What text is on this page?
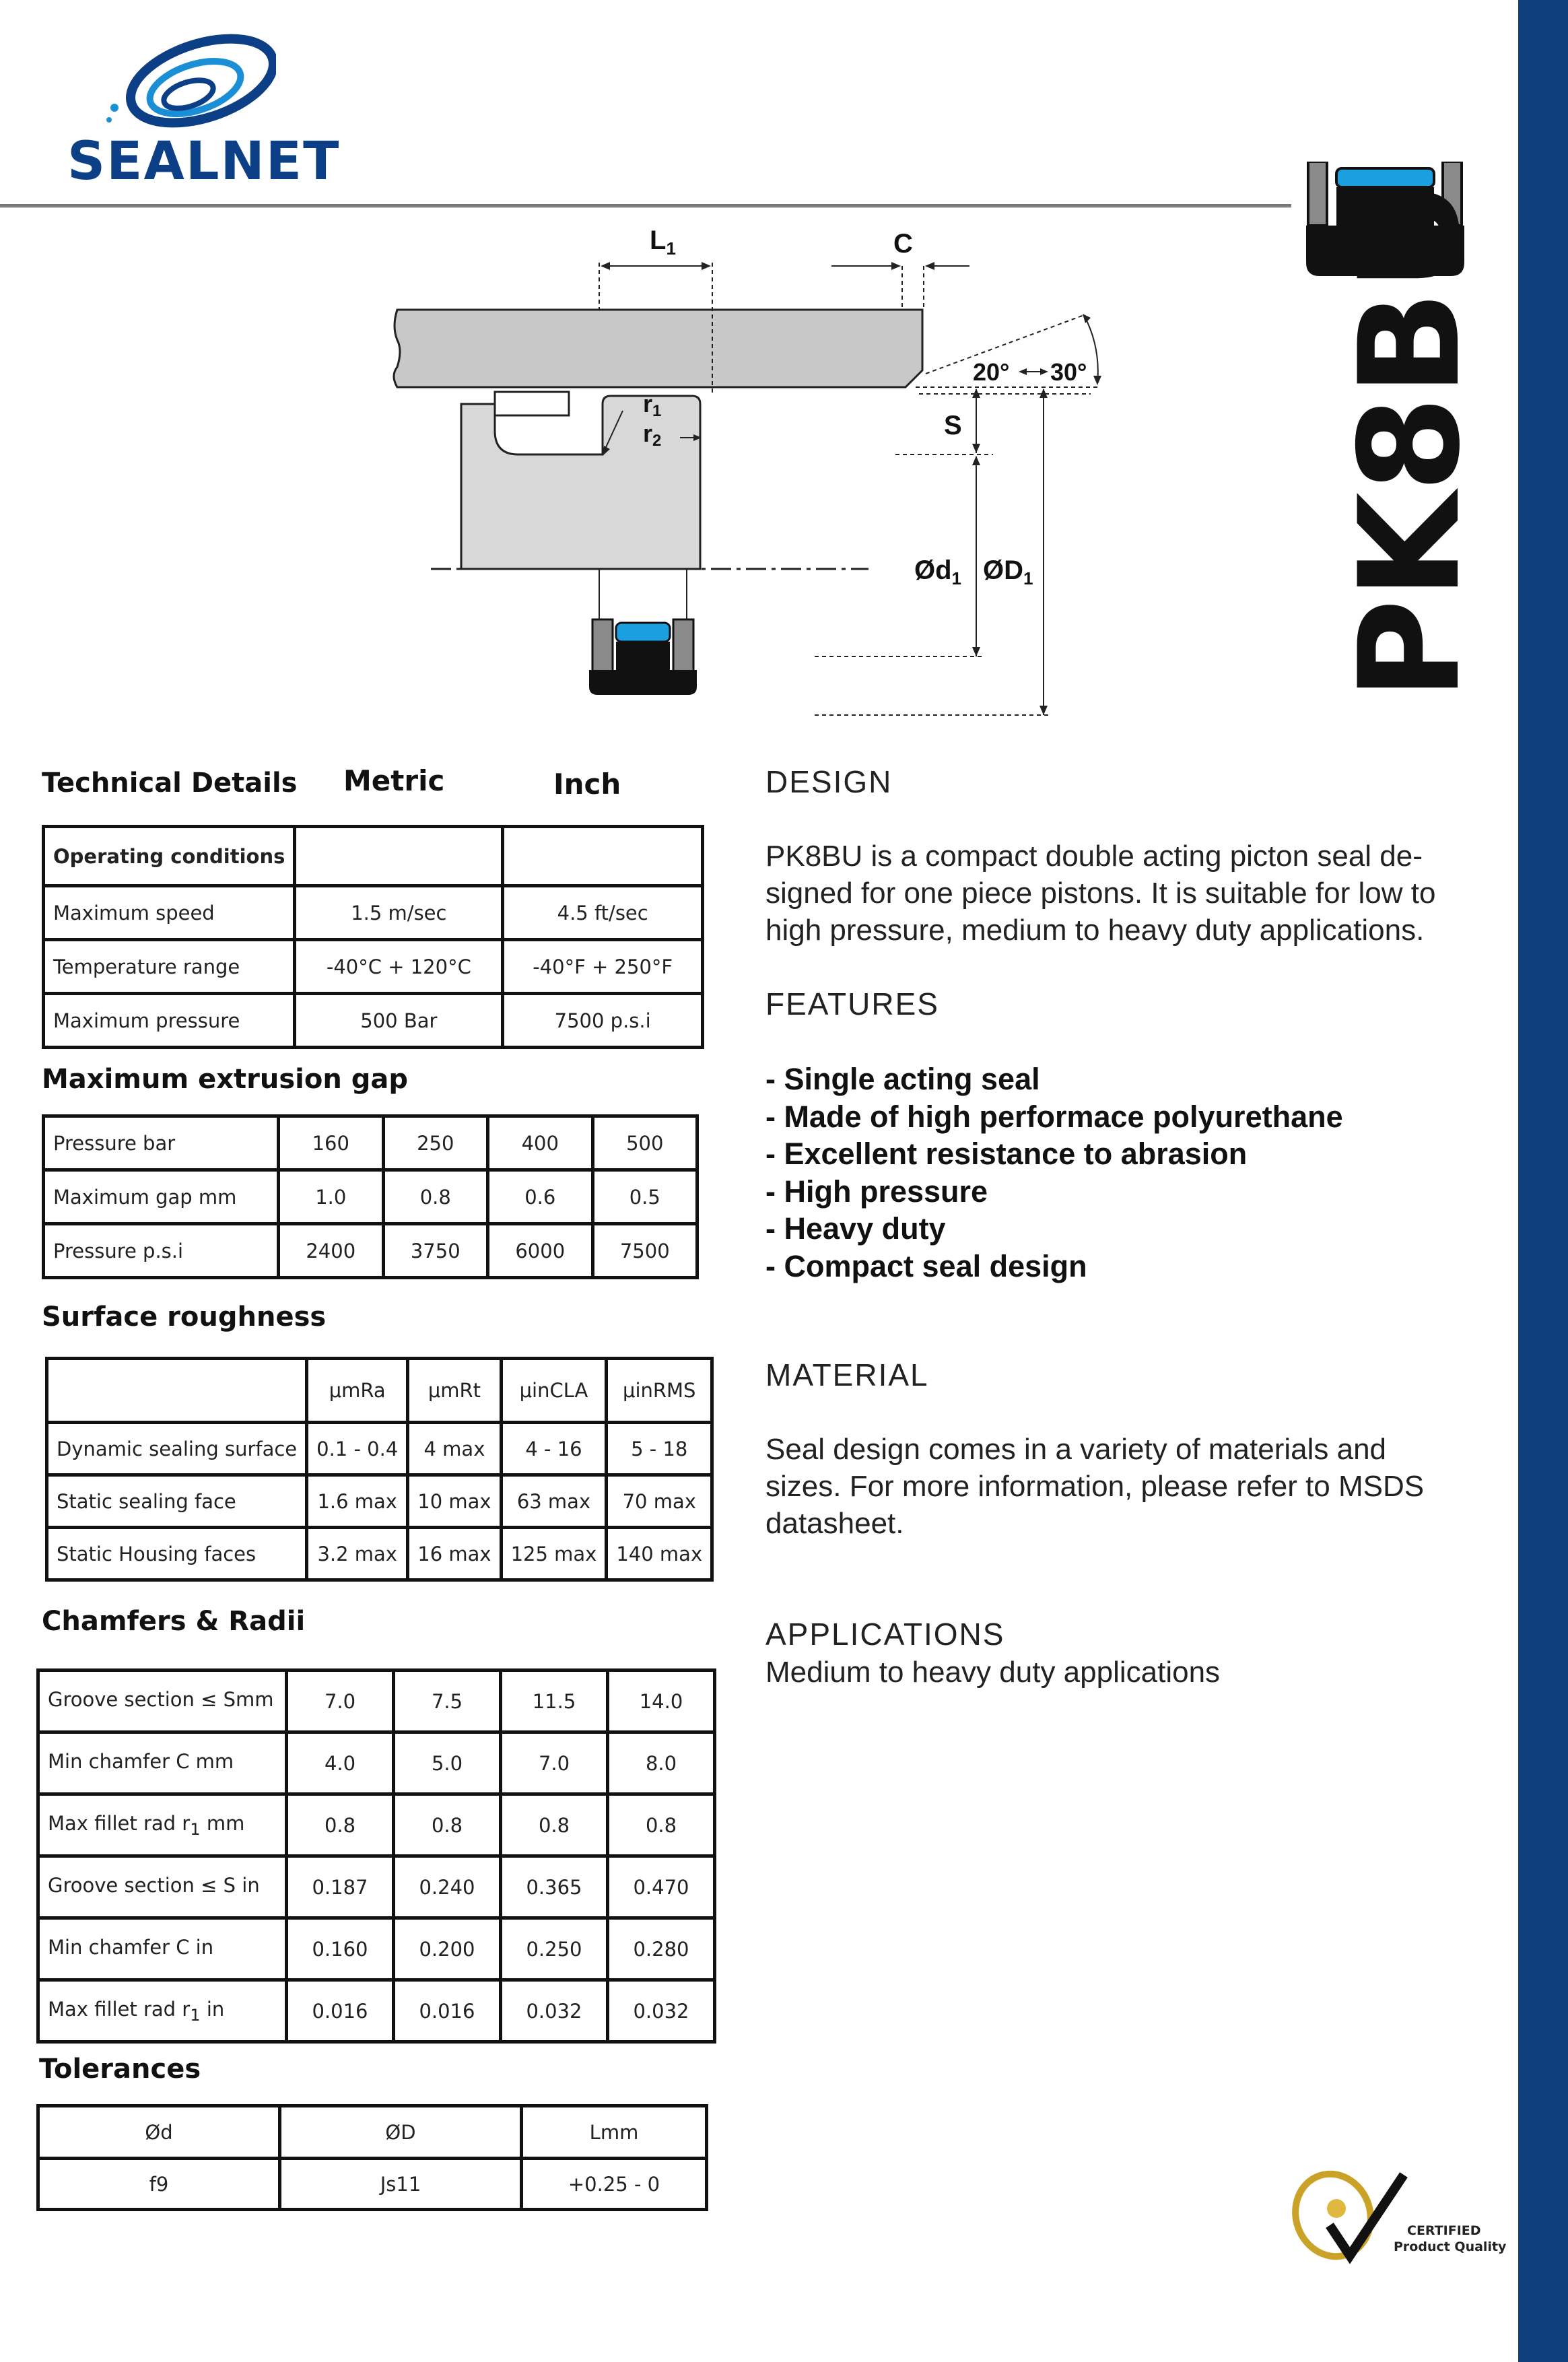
SEALNET
PK8BU
$L_1$	C
20° 30°
r1
r2
S
$Ød_1$ $ØD_1$
Technical Details Metric	Inch
Operating conditions		
Maximum speed	1.5 m/sec	4.5 ft/sec
Temperature range	-40°C + 120°C	-40°F + 250°F
Maximum pressure	500 Bar	7500 p.s.i
Maximum extrusion gap
Pressure bar	160	250	400	500
Maximum gap mm	1.0	0.8	0.6	0.5
Pressure p.s.i	2400	3750	6000	7500
Surface roughness
	μmRa	μmRt	μinCLA	μinRMS
Dynamic sealing surface	0.1 - 0.4	4 max	4 - 16	5 - 18
Static sealing face	1.6 max	10 max	63 max	70 max
Static Housing faces	3.2 max	16 max	125 max	140 max
Chamfers & Radii
Groove section ≤ Smm	7.0	7.5	11.5	14.0
Min chamfer C mm	4.0	5.0	7.0	8.0
Max fillet rad $r_1$ mm	0.8	0.8	0.8	0.8
Groove section ≤ S in	0.187	0.240	0.365	0.470
Min chamfer C in	0.160	0.200	0.250	0.280
Max fillet rad $r_1$ in	0.016	0.016	0.032	0.032
Tolerances
Ød	ØD	Lmm
f9	Js11	+0.25 - 0
DESIGN
PK8BU is a compact double acting picton seal de-
signed for one piece pistons. It is suitable for low to
high pressure, medium to heavy duty applications.
FEATURES
- Single acting seal
- Made of high performace polyurethane
- Excellent resistance to abrasion
- High pressure
- Heavy duty
- Compact seal design
MATERIAL
Seal design comes in a variety of materials and
sizes. For more information, please refer to MSDS
datasheet.
APPLICATIONS
Medium to heavy duty applications
CERTIFIED
Product Quality
